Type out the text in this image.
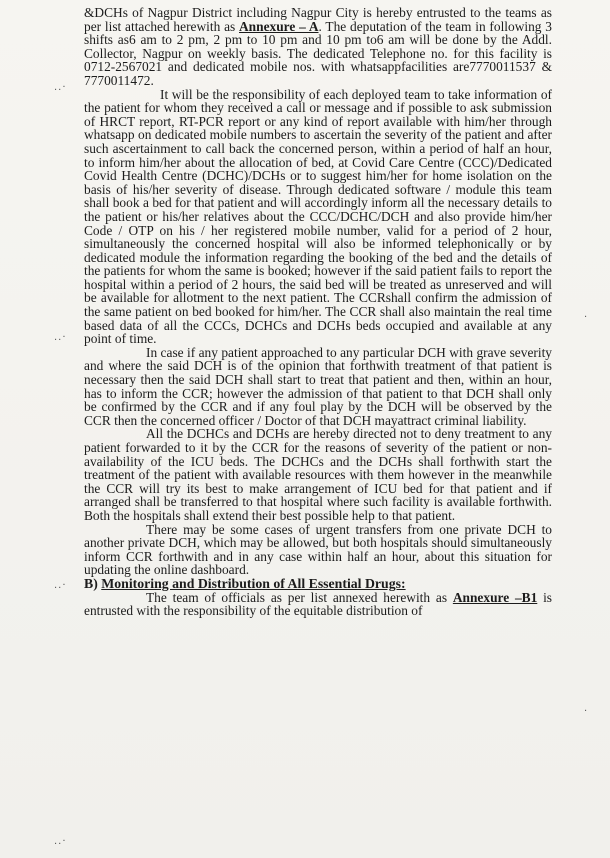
..·
..·
·
..·
·
..·

&DCHs of Nagpur District including Nagpur City is hereby entrusted to the teams as per list attached herewith as Annexure – A. The deputation of the team in following 3 shifts as6 am to 2 pm, 2 pm to 10 pm and 10 pm to6 am will be done by the Addl. Collector, Nagpur on weekly basis. The dedicated Telephone no. for this facility is 0712-2567021 and dedicated mobile nos. with whatsappfacilities are7770011537 & 7770011472.

It will be the responsibility of each deployed team to take information of the patient for whom they received a call or message and if possible to ask submission of HRCT report, RT-PCR report or any kind of report available with him/her through whatsapp on dedicated mobile numbers to ascertain the severity of the patient and after such ascertainment to call back the concerned person, within a period of half an hour, to inform him/her about the allocation of bed, at Covid Care Centre (CCC)/Dedicated Covid Health Centre (DCHC)/DCHs or to suggest him/her for home isolation on the basis of his/her severity of disease. Through dedicated software / module this team shall book a bed for that patient and will accordingly inform all the necessary details to the patient or his/her relatives about the CCC/DCHC/DCH and also provide him/her Code / OTP on his / her registered mobile number, valid for a period of 2 hour, simultaneously the concerned hospital will also be informed telephonically or by dedicated module the information regarding the booking of the bed and the details of the patients for whom the same is booked; however if the said patient fails to report the hospital within a period of 2 hours, the said bed will be treated as unreserved and will be available for allotment to the next patient. The CCRshall confirm the admission of the same patient on bed booked for him/her. The CCR shall also maintain the real time based data of all the CCCs, DCHCs and DCHs beds occupied and available at any point of time.

In case if any patient approached to any particular DCH with grave severity and where the said DCH is of the opinion that forthwith treatment of that patient is necessary then the said DCH shall start to treat that patient and then, within an hour, has to inform the CCR; however the admission of that patient to that DCH shall only be confirmed by the CCR and if any foul play by the DCH will be observed by the CCR then the concerned officer / Doctor of that DCH mayattract criminal liability.

All the DCHCs and DCHs are hereby directed not to deny treatment to any patient forwarded to it by the CCR for the reasons of severity of the patient or non-availability of the ICU beds. The DCHCs and the DCHs shall forthwith start the treatment of the patient with available resources with them however in the meanwhile the CCR will try its best to make arrangement of ICU bed for that patient and if arranged shall be transferred to that hospital where such facility is available forthwith. Both the hospitals shall extend their best possible help to that patient.

There may be some cases of urgent transfers from one private DCH to another private DCH, which may be allowed, but both hospitals should simultaneously inform CCR forthwith and in any case within half an hour, about this situation for updating the online dashboard.

B) Monitoring and Distribution of All Essential Drugs:

The team of officials as per list annexed herewith as Annexure –B1 is entrusted with the responsibility of the equitable distribution of
